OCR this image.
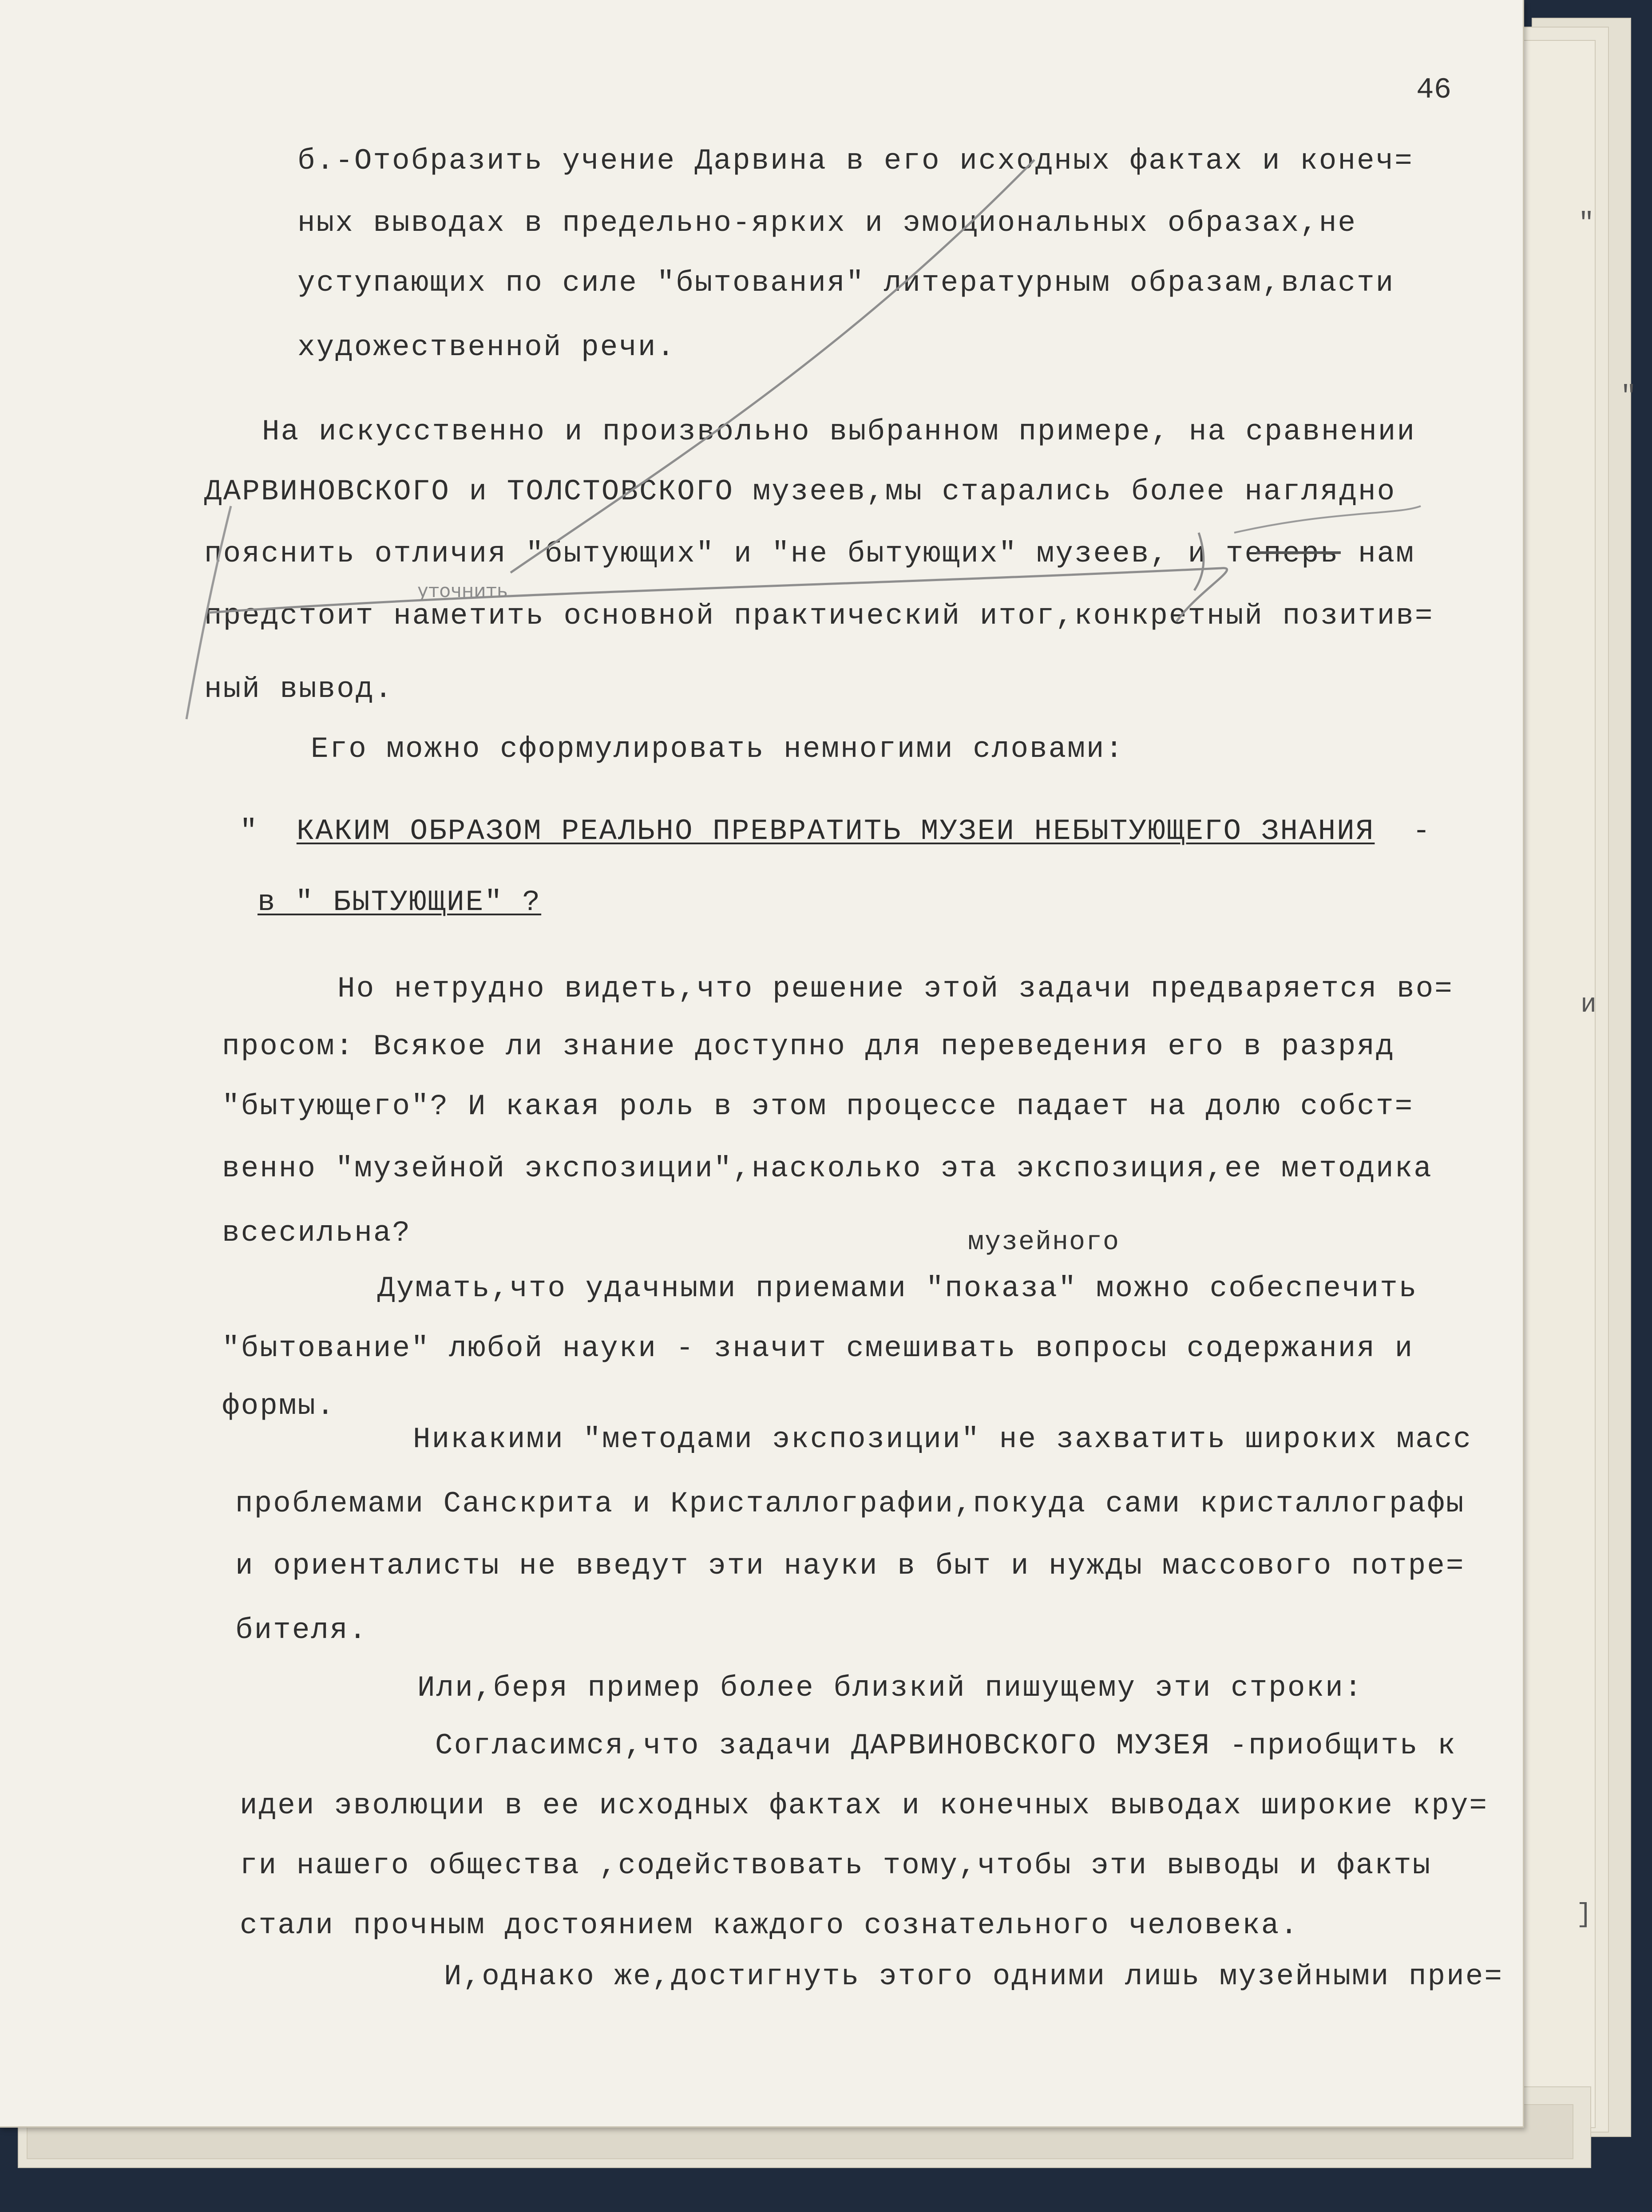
"
"
и
]
46
б.-Отобразить учение Дарвина в его исходных фактах и конеч=
ных выводах в предельно-ярких и эмоциональных образах,не
уступающих по силе "бытования" литературным образам,власти
художественной речи.
На искусственно и произвольно выбранном примере, на сравнении
ДАРВИНОВСКОГО и ТОЛСТОВСКОГО музеев,мы старались более наглядно
пояснить отличия "бытующих" и "не бытующих" музеев, и теперь нам
предстоит наметить основной практический итог,конкретный позитив=
ный вывод.
Его можно сформулировать немногими словами:
" КАКИМ ОБРАЗОМ РЕАЛЬНО ПРЕВРАТИТЬ МУЗЕИ НЕБЫТУЮЩЕГО ЗНАНИЯ -
в " БЫТУЮЩИЕ" ?
Но нетрудно видеть,что решение этой задачи предваряется во=
просом: Всякое ли знание доступно для переведения его в разряд
"бытующего"? И какая роль в этом процессе падает на долю собст=
венно "музейной экспозиции",насколько эта экспозиция,ее методика
всесильна?	музейного
Думать,что удачными приемами "показа" можно собеспечить
"бытование" любой науки - значит смешивать вопросы содержания и
формы.
Никакими "методами экспозиции" не захватить широких масс
проблемами Санскрита и Кристаллографии,покуда сами кристаллографы
и ориенталисты не введут эти науки в быт и нужды массового потре=
бителя.
Или,беря пример более близкий пишущему эти строки:
Согласимся,что задачи ДАРВИНОВСКОГО МУЗЕЯ -приобщить к
идеи эволюции в ее исходных фактах и конечных выводах широкие кру=
ги нашего общества ,содействовать тому,чтобы эти выводы и факты
стали прочным достоянием каждого сознательного человека.
И,однако же,достигнуть этого одними лишь музейными прие=
уточнить
